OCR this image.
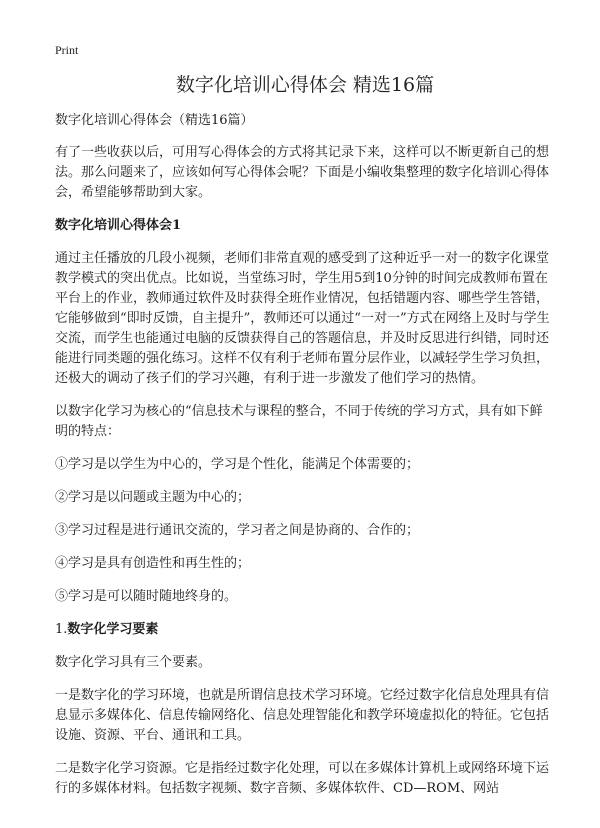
Print
数字化培训心得体会 精选16篇

数字化培训心得体会（精选16篇）

有了一些收获以后，可用写心得体会的方式将其记录下来，这样可以不断更新自己的想法。那么问题来了，应该如何写心得体会呢？下面是小编收集整理的数字化培训心得体会，希望能够帮助到大家。

数字化培训心得体会1

通过主任播放的几段小视频，老师们非常直观的感受到了这种近乎一对一的数字化课堂教学模式的突出优点。比如说，当堂练习时，学生用5到10分钟的时间完成教师布置在平台上的作业，教师通过软件及时获得全班作业情况，包括错题内容、哪些学生答错，它能够做到“即时反馈，自主提升”，教师还可以通过“一对一”方式在网络上及时与学生交流，而学生也能通过电脑的反馈获得自己的答题信息，并及时反思进行纠错，同时还能进行同类题的强化练习。这样不仅有利于老师布置分层作业，以减轻学生学习负担，还极大的调动了孩子们的学习兴趣，有利于进一步激发了他们学习的热情。

以数字化学习为核心的“信息技术与课程的整合，不同于传统的学习方式，具有如下鲜明的特点：

①学习是以学生为中心的，学习是个性化，能满足个体需要的；

②学习是以问题或主题为中心的；

③学习过程是进行通讯交流的，学习者之间是协商的、合作的；

④学习是具有创造性和再生性的；

⑤学习是可以随时随地终身的。

1.数字化学习要素

数字化学习具有三个要素。

一是数字化的学习环境，也就是所谓信息技术学习环境。它经过数字化信息处理具有信息显示多媒体化、信息传输网络化、信息处理智能化和教学环境虚拟化的特征。它包括设施、资源、平台、通讯和工具。

二是数字化学习资源。它是指经过数字化处理，可以在多媒体计算机上或网络环境下运行的多媒体材料。包括数字视频、数字音频、多媒体软件、CD—ROM、网站
